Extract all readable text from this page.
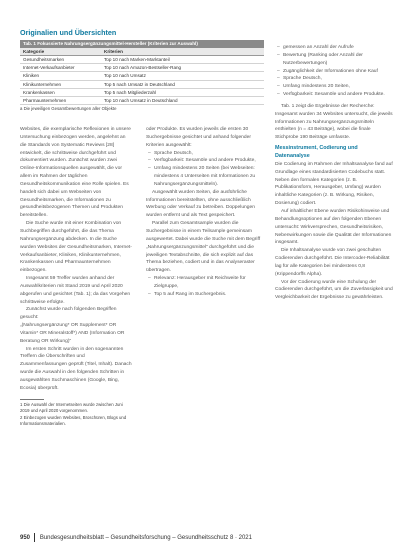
Originalien und Übersichten
Tab. 1 Fokussierte Nahrungsergänzungsmittel-Hersteller (Kriterien zur Auswahl)
Kategorie	Kriterien
Gesundheitsmarken	Top 10 nach Marken-Marktanteil
Internet-Verkaufsanbieter	Top 10 nach Amazon-Bestseller-Rang
Kliniken	Top 10 nach Umsatz
Klinikunternehmen	Top 5 nach Umsatz in Deutschland
Krankenkassen	Top 5 nach Mitgliederzahl
Pharmaunternehmen	Top 10 nach Umsatz in Deutschland
a Die jeweiligen Gesamtbewertungen aller Objekte

Websites, die exemplarische Reflexionen in unsere Untersuchung einbezogen werden, angelehnt an die Standards von Systematic Reviews [28] entwickelt, die schrittweise durchgeführt und dokumentiert wurden. Zunächst wurden zwei Online-Informationsquellen ausgewählt, die vor allem im Rahmen der täglichen Gesundheitskommunikation eine Rolle spielen. Es handelt sich dabei um Webseiten von Gesundheitsmarken, die Informationen zu gesundheitsbezogenen Themen und Produkten bereitstellen.

Die Suche wurde mit einer Kombination von Suchbegriffen durchgeführt, die das Thema Nahrungsergänzung abdecken. In die Suche wurden Websites der Gesundheitsmarken, Internet-Verkaufsanbieter, Kliniken, Klinikunternehmen, Krankenkassen und Pharmaunternehmen einbezogen.

Insgesamt 59 Treffer wurden anhand der Auswahlkriterien mit Stand 2019 und April 2020 abgerufen und gesichtet (Tab. 1); da das Vorgehen schrittweise erfolgte.

Zunächst wurde nach folgenden Begriffen gesucht:

„(Nahrungsergänzung* OR Supplement* OR Vitamin* OR Mineralstoff*) AND (Information OR Beratung OR Wirkung)“

Im ersten Schritt wurden in den sogenannten Treffern die Überschriften und Zusammenfassungen geprüft (Titel, Inhalt). Danach wurde die Auswahl in den folgenden Schritten in ausgewählten Suchmaschinen (Google, Bing, Ecosia) überprüft.

1 Die Auswahl der Internetseiten wurde zwischen Juni 2019 und April 2020 vorgenommen.
2 Einbezogen wurden Websites, Broschüren, Blogs und Informationsmaterialien.

oder Produkte. Es wurden jeweils die ersten 30 Suchergebnisse gesichtet und anhand folgender Kriterien ausgewählt:

– Sprache Deutsch,
– Verfügbarkeit: Sesamöle und andere Produkte,
– Umfang mindestens 20 Seiten (bei Webseiten: mindestens 4 Unterseiten mit Informationen zu Nahrungsergänzungsmitteln).

Ausgewählt wurden Seiten, die ausführliche Informationen bereitstellten, ohne ausschließlich Werbung oder Verkauf zu betreiben. Doppelungen wurden entfernt und als Text gespeichert.

Parallel zum Gesamtsample wurden die Suchergebnisse in einem Teilsample gemeinsam ausgewertet. Dabei wurde die Suche mit dem Begriff „Nahrungsergänzungsmittel“ durchgeführt und die jeweiligen Textabschnitte, die sich explizit auf das Thema beziehen, codiert und in das Analyseraster übertragen.

– Relevanz: Herausgeber mit Reichweite für Zielgruppe,
– Top 5 auf Rang im Suchergebnis.
– gemessen an Anzahl der Aufrufe
– Bewertung (Ranking oder Anzahl der Nutzerbewertungen)
– Zugänglichkeit der Informationen ohne Kauf
– Sprache Deutsch,
– Umfang mindestens 20 Seiten,
– Verfügbarkeit: Sesamöle und andere Produkte.

Tab. 1 zeigt die Ergebnisse der Recherche: Insgesamt wurden 34 Websites untersucht, die jeweils Informationen zu Nahrungsergänzungsmitteln enthielten (n = 43 Beiträge), wobei die finale Stichprobe 190 Beiträge umfasste.

Messinstrument, Codierung und Datenanalyse

Die Codierung im Rahmen der Inhaltsanalyse fand auf Grundlage eines standardisierten Codebuchs statt. Neben den formalen Kategorien (z. B. Publikationsform, Herausgeber, Umfang) wurden inhaltliche Kategorien (z. B. Wirkung, Risiken, Dosierung) codiert.

Auf inhaltlicher Ebene wurden Risikohinweise und Behandlungsoptionen auf den folgenden Ebenen untersucht: Wirkversprechen, Gesundheitsrisiken, Nebenwirkungen sowie die Qualität der Informationen insgesamt.

Die Inhaltsanalyse wurde von zwei geschulten Codierenden durchgeführt. Die Intercoder-Reliabilität lag für alle Kategorien bei mindestens 0,8 (Krippendorffs Alpha).

Vor der Codierung wurde eine Schulung der Codierenden durchgeführt, um die Zuverlässigkeit und Vergleichbarkeit der Ergebnisse zu gewährleisten.

950 Bundesgesundheitsblatt – Gesundheitsforschung – Gesundheitsschutz 8 · 2021
